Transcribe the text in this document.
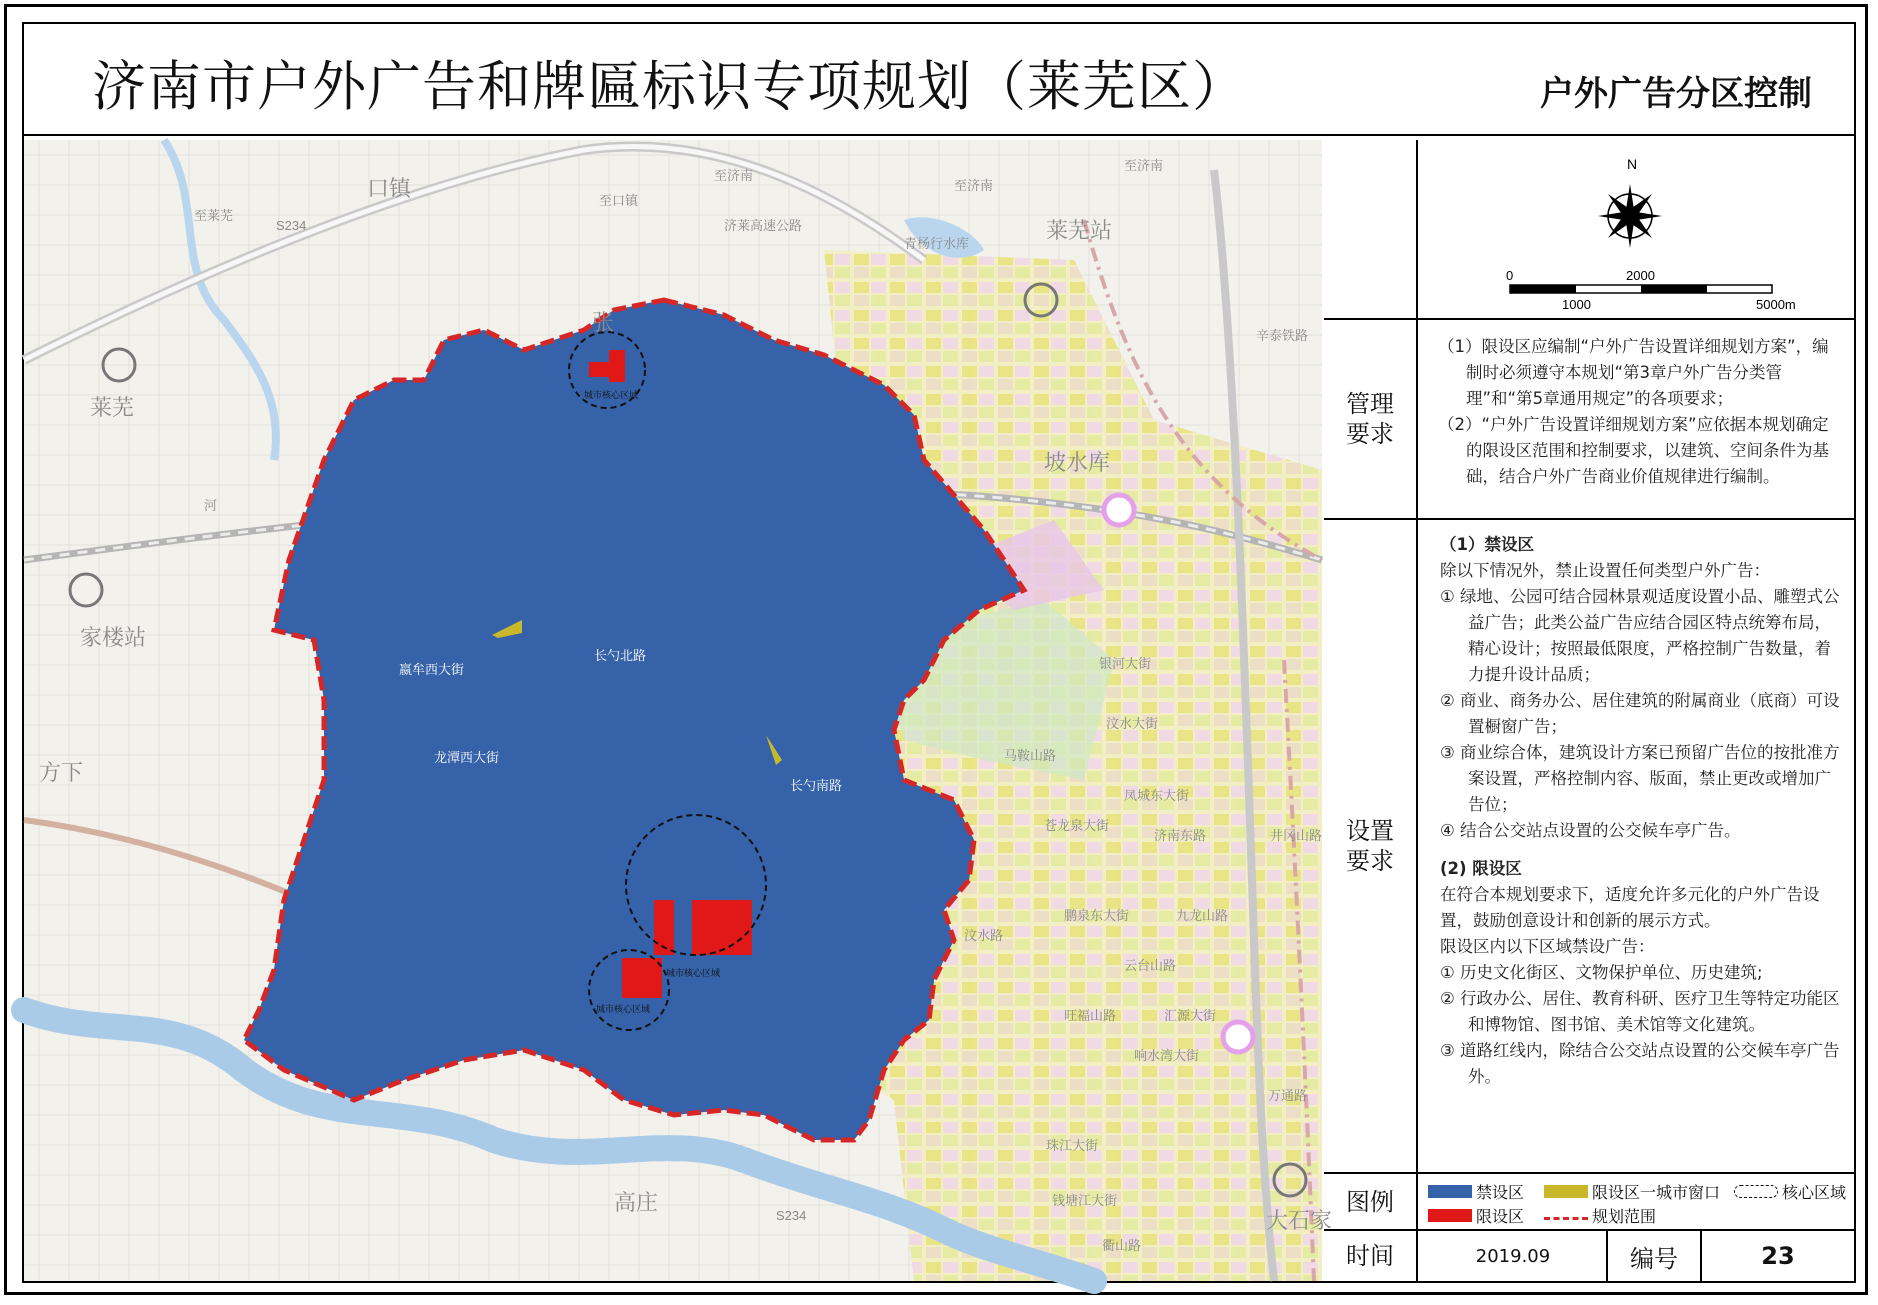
济南市户外广告和牌匾标识专项规划（莱芜区）	户外广告分区控制
口镇
莱芜站
莱芜
张
坡水库
家楼站
方下
高庄
大石家
至济南
至济南
至济南
至莱芜
至口镇
S234
S234
济莱高速公路
青杨行水库
辛泰铁路
银河大街
汶水大街
马鞍山路
苍龙泉大街
凤城东大街
鹏泉东大街	九龙山路
汶水路
云台山路
旺福山路	汇源大街
响水湾大街
济南东路	井冈山路
万通路
珠江大街
钱塘江大街
衢山路
河
嬴牟西大街
龙潭西大街
长勺北路
长勺南路
城市核心区域
城市核心区域
城市核心区域
N
0	2000
1000	5000m
管理
要求
（1）限设区应编制“户外广告设置详细规划方案”，编制时必须遵守本规划“第3章户外广告分类管理”和“第5章通用规定”的各项要求；
（2）“户外广告设置详细规划方案”应依据本规划确定的限设区范围和控制要求，以建筑、空间条件为基础，结合户外广告商业价值规律进行编制。
设置
要求
（1）禁设区
除以下情况外，禁止设置任何类型户外广告：
① 绿地、公园可结合园林景观适度设置小品、雕塑式公益广告；此类公益广告应结合园区特点统筹布局，精心设计；按照最低限度，严格控制广告数量，着力提升设计品质；
② 商业、商务办公、居住建筑的附属商业（底商）可设置橱窗广告；
③ 商业综合体，建筑设计方案已预留广告位的按批准方案设置，严格控制内容、版面，禁止更改或增加广告位；
④ 结合公交站点设置的公交候车亭广告。
(2) 限设区
在符合本规划要求下，适度允许多元化的户外广告设置，鼓励创意设计和创新的展示方式。
限设区内以下区域禁设广告：
① 历史文化街区、文物保护单位、历史建筑;
② 行政办公、居住、教育科研、医疗卫生等特定功能区和博物馆、图书馆、美术馆等文化建筑。
③ 道路红线内，除结合公交站点设置的公交候车亭广告外。
图例	禁设区	限设区一城市窗口	核心区域
限设区	规划范围
时间	2019.09	编号	23
